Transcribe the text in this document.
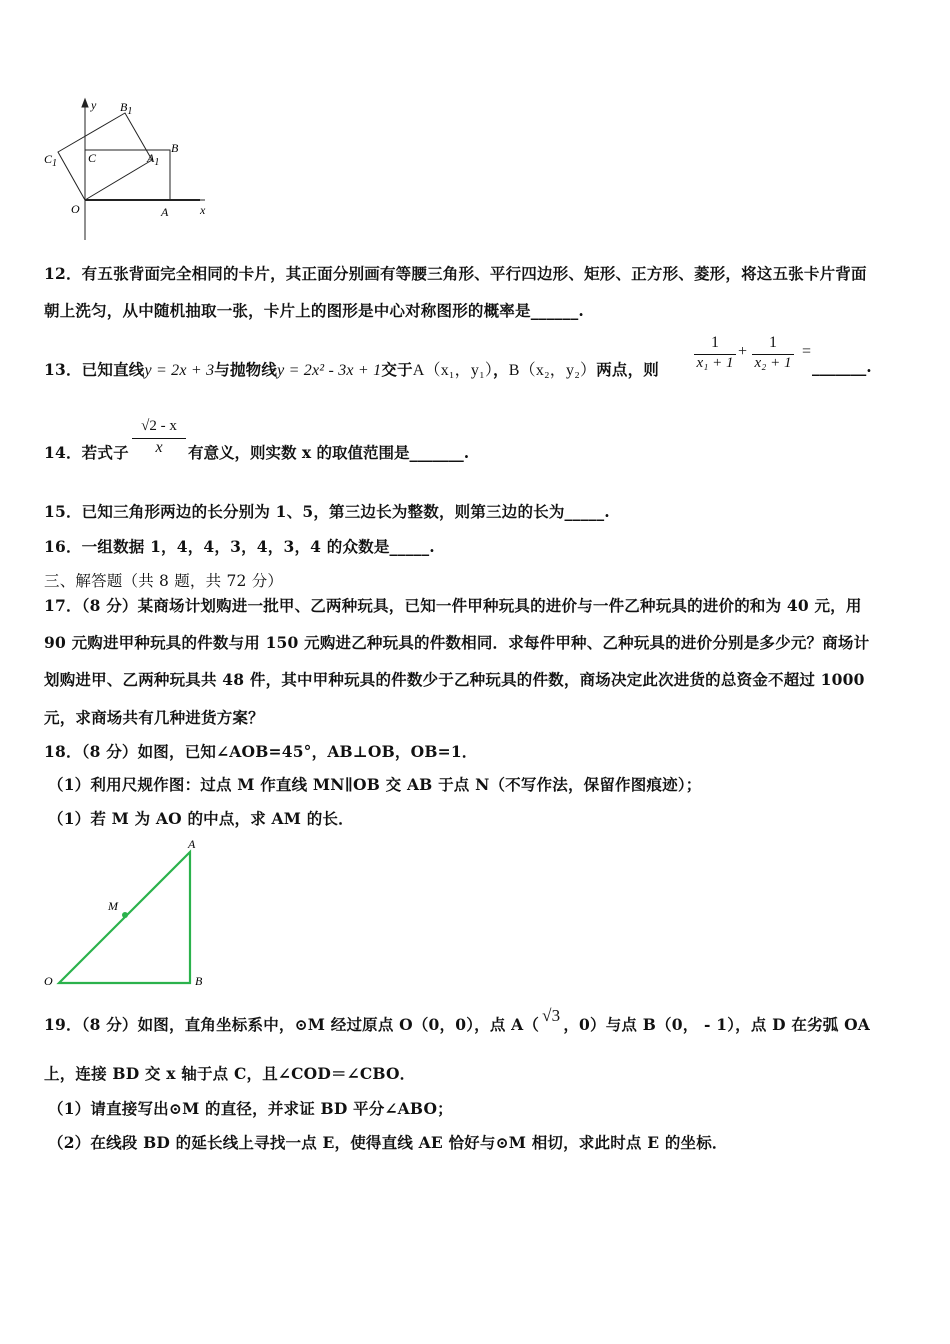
y
x
$B_1$
$C_1$	C	$A_1$
B
O	A
12．有五张背面完全相同的卡片，其正面分别画有等腰三角形、平行四边形、矩形、正方形、菱形，将这五张卡片背面
朝上洗匀，从中随机抽取一张，卡片上的图形是中心对称图形的概率是______.
13．已知直线y = 2x + 3与抛物线y = 2x² - 3x + 1交于A（x₁，y₁），B（x₂，y₂）两点，则 $\frac{1}{\text{x₁ + 1}} + \frac{1}{\text{x₂ + 1}}$ =
_______.
14．若式子 $\frac{√2 - x}{x}$ 有意义，则实数 x 的取值范围是_______.
15．已知三角形两边的长分别为 1、5，第三边长为整数，则第三边的长为_____.
16．一组数据 1，4，4，3，4，3，4 的众数是_____.
三、解答题（共 8 题，共 72 分）
17．（8 分）某商场计划购进一批甲、乙两种玩具，已知一件甲种玩具的进价与一件乙种玩具的进价的和为 40 元，用
90 元购进甲种玩具的件数与用 150 元购进乙种玩具的件数相同．求每件甲种、乙种玩具的进价分别是多少元？商场计
划购进甲、乙两种玩具共 48 件，其中甲种玩具的件数少于乙种玩具的件数，商场决定此次进货的总资金不超过 1000
元，求商场共有几种进货方案？
18．（8 分）如图，已知∠AOB=45°，AB⊥OB，OB=1．
（1）利用尺规作图：过点 M 作直线 MN∥OB 交 AB 于点 N（不写作法，保留作图痕迹）；
（1）若 M 为 AO 的中点，求 AM 的长．
A
M
O	B
19．（8 分）如图，直角坐标系中，⊙M 经过原点 O（0，0），点 A（ √3 ，0）与点 B（0， - 1），点 D 在劣弧 OA
上，连接 BD 交 x 轴于点 C，且∠COD＝∠CBO．
（1）请直接写出⊙M 的直径，并求证 BD 平分∠ABO；
（2）在线段 BD 的延长线上寻找一点 E，使得直线 AE 恰好与⊙M 相切，求此时点 E 的坐标．
